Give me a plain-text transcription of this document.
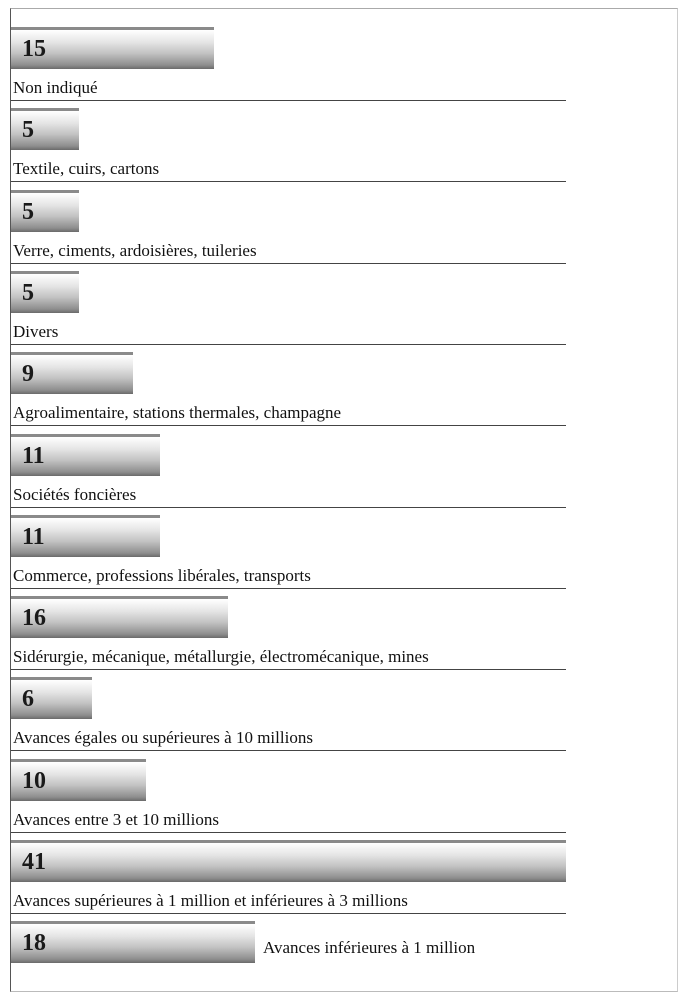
15
Non indiqué
5
Textile, cuirs, cartons
5
Verre, ciments, ardoisières, tuileries
5
Divers
9
Agroalimentaire, stations thermales, champagne
11
Sociétés foncières
11
Commerce, professions libérales, transports
16
Sidérurgie, mécanique, métallurgie, électromécanique, mines
6
Avances égales ou supérieures à 10 millions
10
Avances entre 3 et 10 millions
41
Avances supérieures à 1 million et inférieures à 3 millions
18	Avances inférieures à 1 million
